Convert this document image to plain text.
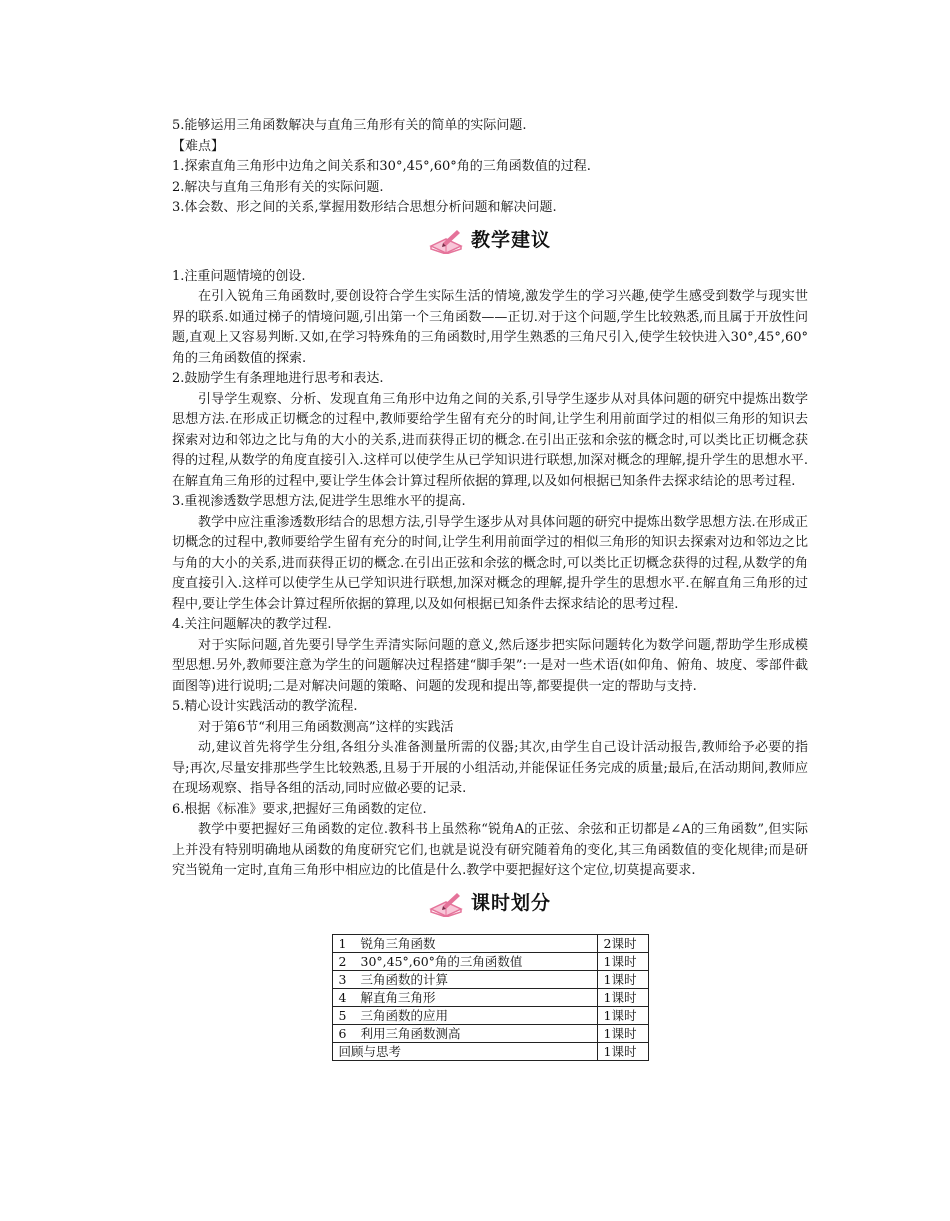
5.能够运用三角函数解决与直角三角形有关的简单的实际问题.

【难点】

1.探索直角三角形中边角之间关系和30°,45°,60°角的三角函数值的过程.

2.解决与直角三角形有关的实际问题.

3.体会数、形之间的关系,掌握用数形结合思想分析问题和解决问题.

教学建议

1.注重问题情境的创设.

在引入锐角三角函数时,要创设符合学生实际生活的情境,激发学生的学习兴趣,使学生感受到数学与现实世界的联系.如通过梯子的情境问题,引出第一个三角函数——正切.对于这个问题,学生比较熟悉,而且属于开放性问题,直观上又容易判断.又如,在学习特殊角的三角函数时,用学生熟悉的三角尺引入,使学生较快进入30°,45°,60°角的三角函数值的探索.

2.鼓励学生有条理地进行思考和表达.

引导学生观察、分析、发现直角三角形中边角之间的关系,引导学生逐步从对具体问题的研究中提炼出数学思想方法.在形成正切概念的过程中,教师要给学生留有充分的时间,让学生利用前面学过的相似三角形的知识去探索对边和邻边之比与角的大小的关系,进而获得正切的概念.在引出正弦和余弦的概念时,可以类比正切概念获得的过程,从数学的角度直接引入.这样可以使学生从已学知识进行联想,加深对概念的理解,提升学生的思想水平.在解直角三角形的过程中,要让学生体会计算过程所依据的算理,以及如何根据已知条件去探求结论的思考过程.

3.重视渗透数学思想方法,促进学生思维水平的提高.

教学中应注重渗透数形结合的思想方法,引导学生逐步从对具体问题的研究中提炼出数学思想方法.在形成正切概念的过程中,教师要给学生留有充分的时间,让学生利用前面学过的相似三角形的知识去探索对边和邻边之比与角的大小的关系,进而获得正切的概念.在引出正弦和余弦的概念时,可以类比正切概念获得的过程,从数学的角度直接引入.这样可以使学生从已学知识进行联想,加深对概念的理解,提升学生的思想水平.在解直角三角形的过程中,要让学生体会计算过程所依据的算理,以及如何根据已知条件去探求结论的思考过程.

4.关注问题解决的教学过程.

对于实际问题,首先要引导学生弄清实际问题的意义,然后逐步把实际问题转化为数学问题,帮助学生形成模型思想.另外,教师要注意为学生的问题解决过程搭建“脚手架”:一是对一些术语(如仰角、俯角、坡度、零部件截面图等)进行说明;二是对解决问题的策略、问题的发现和提出等,都要提供一定的帮助与支持.

5.精心设计实践活动的教学流程.

对于第6节“利用三角函数测高”这样的实践活

动,建议首先将学生分组,各组分头准备测量所需的仪器;其次,由学生自己设计活动报告,教师给予必要的指导;再次,尽量安排那些学生比较熟悉,且易于开展的小组活动,并能保证任务完成的质量;最后,在活动期间,教师应在现场观察、指导各组的活动,同时应做必要的记录.

6.根据《标准》要求,把握好三角函数的定位.

教学中要把握好三角函数的定位.教科书上虽然称“锐角A的正弦、余弦和正切都是∠A的三角函数”,但实际上并没有特别明确地从函数的角度研究它们,也就是说没有研究随着角的变化,其三角函数值的变化规律;而是研究当锐角一定时,直角三角形中相应边的比值是什么.教学中要把握好这个定位,切莫提高要求.

课时划分
1 锐角三角函数	2课时
2 30°,45°,60°角的三角函数值	1课时
3 三角函数的计算	1课时
4 解直角三角形	1课时
5 三角函数的应用	1课时
6 利用三角函数测高	1课时
回顾与思考	1课时
